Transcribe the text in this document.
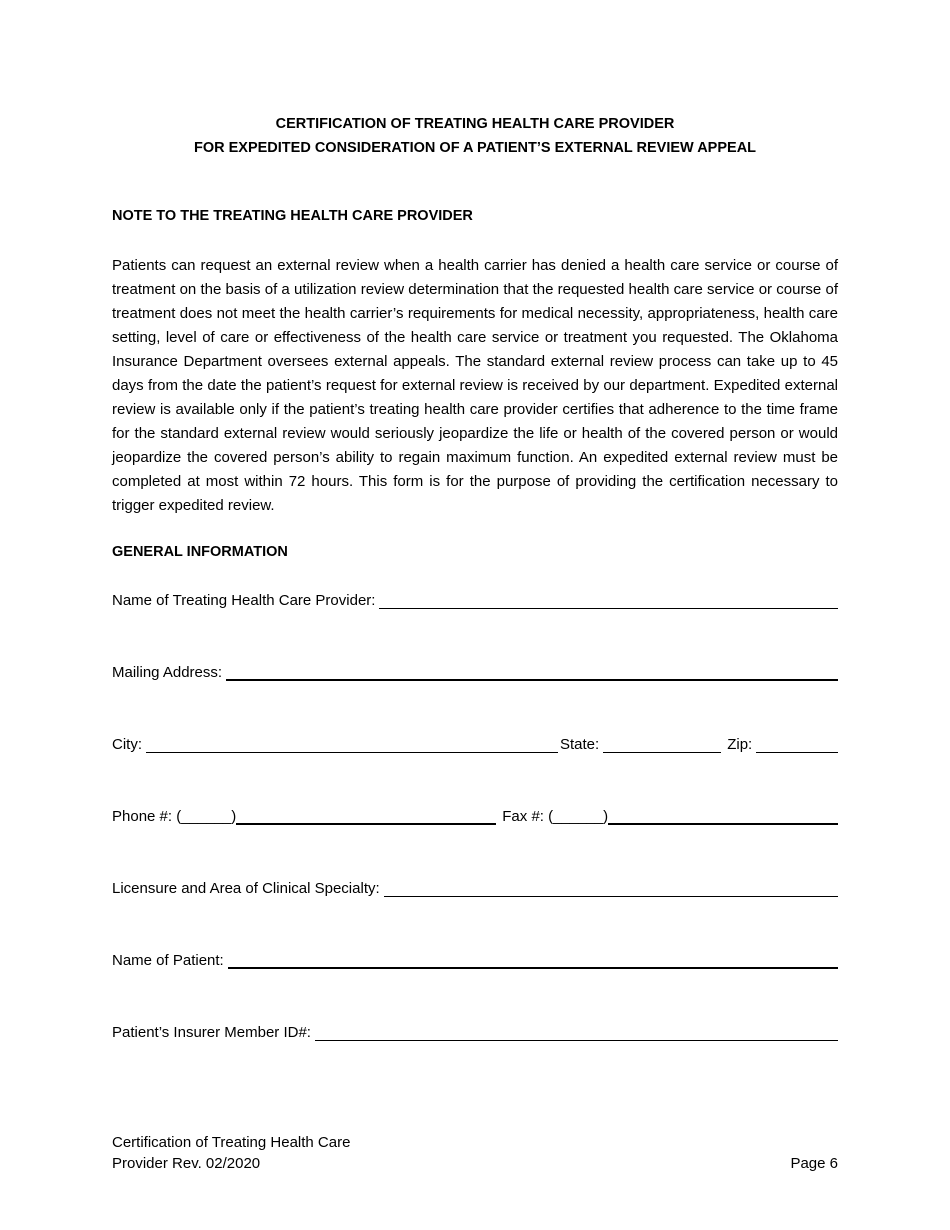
CERTIFICATION OF TREATING HEALTH CARE PROVIDER
FOR EXPEDITED CONSIDERATION OF A PATIENT’S EXTERNAL REVIEW APPEAL
NOTE TO THE TREATING HEALTH CARE PROVIDER
Patients can request an external review when a health carrier has denied a health care service or course of treatment on the basis of a utilization review determination that the requested health care service or course of treatment does not meet the health carrier’s requirements for medical necessity, appropriateness, health care setting, level of care or effectiveness of the health care service or treatment you requested. The Oklahoma Insurance Department oversees external appeals. The standard external review process can take up to 45 days from the date the patient’s request for external review is received by our department. Expedited external review is available only if the patient’s treating health care provider certifies that adherence to the time frame for the standard external review would seriously jeopardize the life or health of the covered person or would jeopardize the covered person’s ability to regain maximum function. An expedited external review must be completed at most within 72 hours. This form is for the purpose of providing the certification necessary to trigger expedited review.
GENERAL INFORMATION
Name of Treating Health Care Provider:
Mailing Address:
City:	State:	Zip:
Phone #: (______)	Fax #: (______)
Licensure and Area of Clinical Specialty:
Name of Patient:
Patient’s Insurer Member ID#:
Certification of Treating Health Care
Provider Rev. 02/2020	Page 6
